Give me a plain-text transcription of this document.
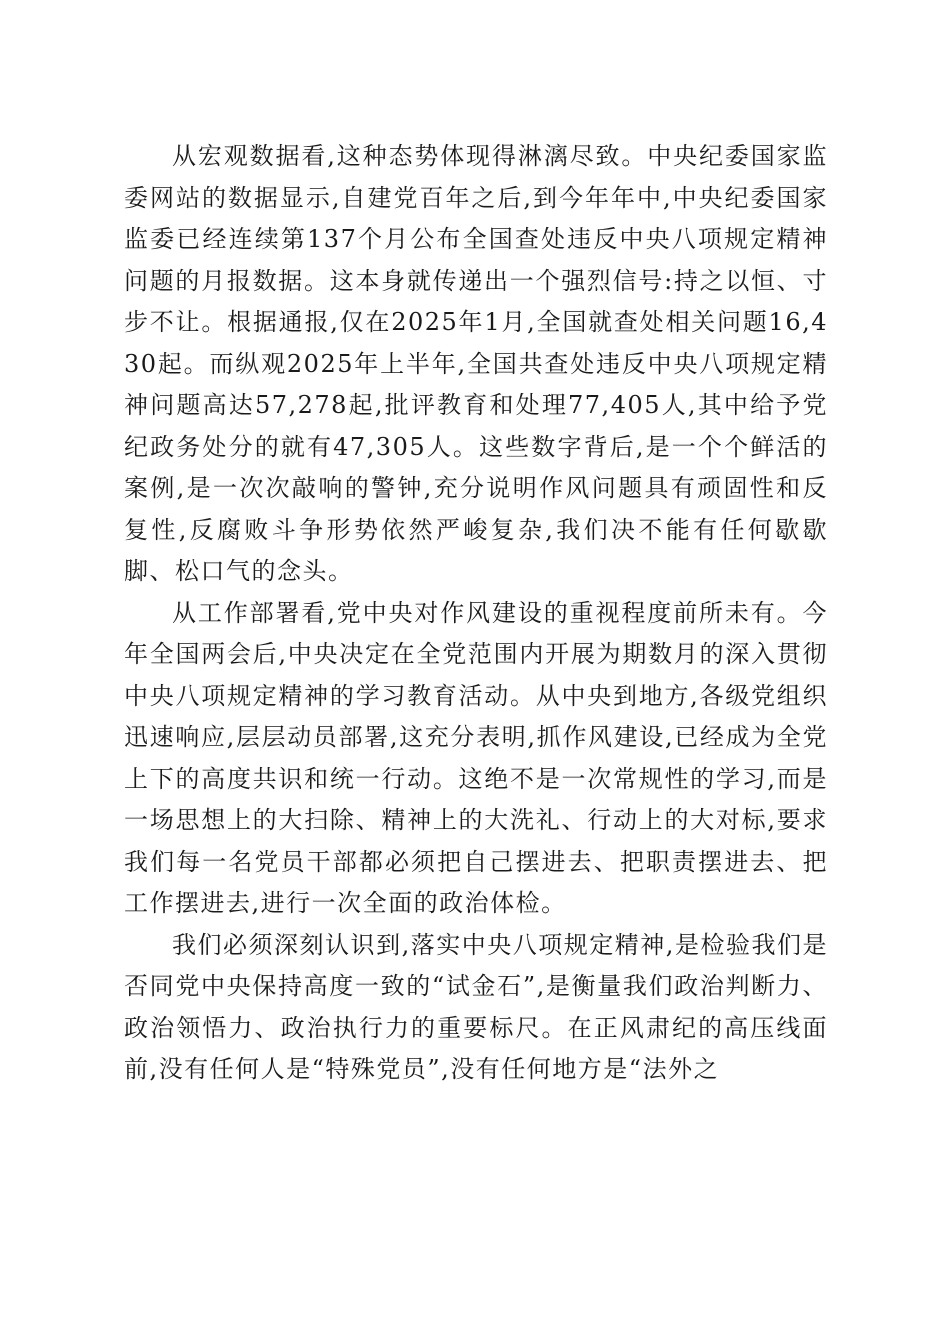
从宏观数据看,这种态势体现得淋漓尽致。中央纪委国家监委网站的数据显示,自建党百年之后,到今年年中,中央纪委国家监委已经连续第137个月公布全国查处违反中央八项规定精神问题的月报数据。这本身就传递出一个强烈信号:持之以恒、寸步不让。根据通报,仅在2025年1月,全国就查处相关问题16,430起。而纵观2025年上半年,全国共查处违反中央八项规定精神问题高达57,278起,批评教育和处理77,405人,其中给予党纪政务处分的就有47,305人。这些数字背后,是一个个鲜活的案例,是一次次敲响的警钟,充分说明作风问题具有顽固性和反复性,反腐败斗争形势依然严峻复杂,我们决不能有任何歇歇脚、松口气的念头。

从工作部署看,党中央对作风建设的重视程度前所未有。今年全国两会后,中央决定在全党范围内开展为期数月的深入贯彻中央八项规定精神的学习教育活动。从中央到地方,各级党组织迅速响应,层层动员部署,这充分表明,抓作风建设,已经成为全党上下的高度共识和统一行动。这绝不是一次常规性的学习,而是一场思想上的大扫除、精神上的大洗礼、行动上的大对标,要求我们每一名党员干部都必须把自己摆进去、把职责摆进去、把工作摆进去,进行一次全面的政治体检。

我们必须深刻认识到,落实中央八项规定精神,是检验我们是否同党中央保持高度一致的“试金石”,是衡量我们政治判断力、政治领悟力、政治执行力的重要标尺。在正风肃纪的高压线面前,没有任何人是“特殊党员”,没有任何地方是“法外之
